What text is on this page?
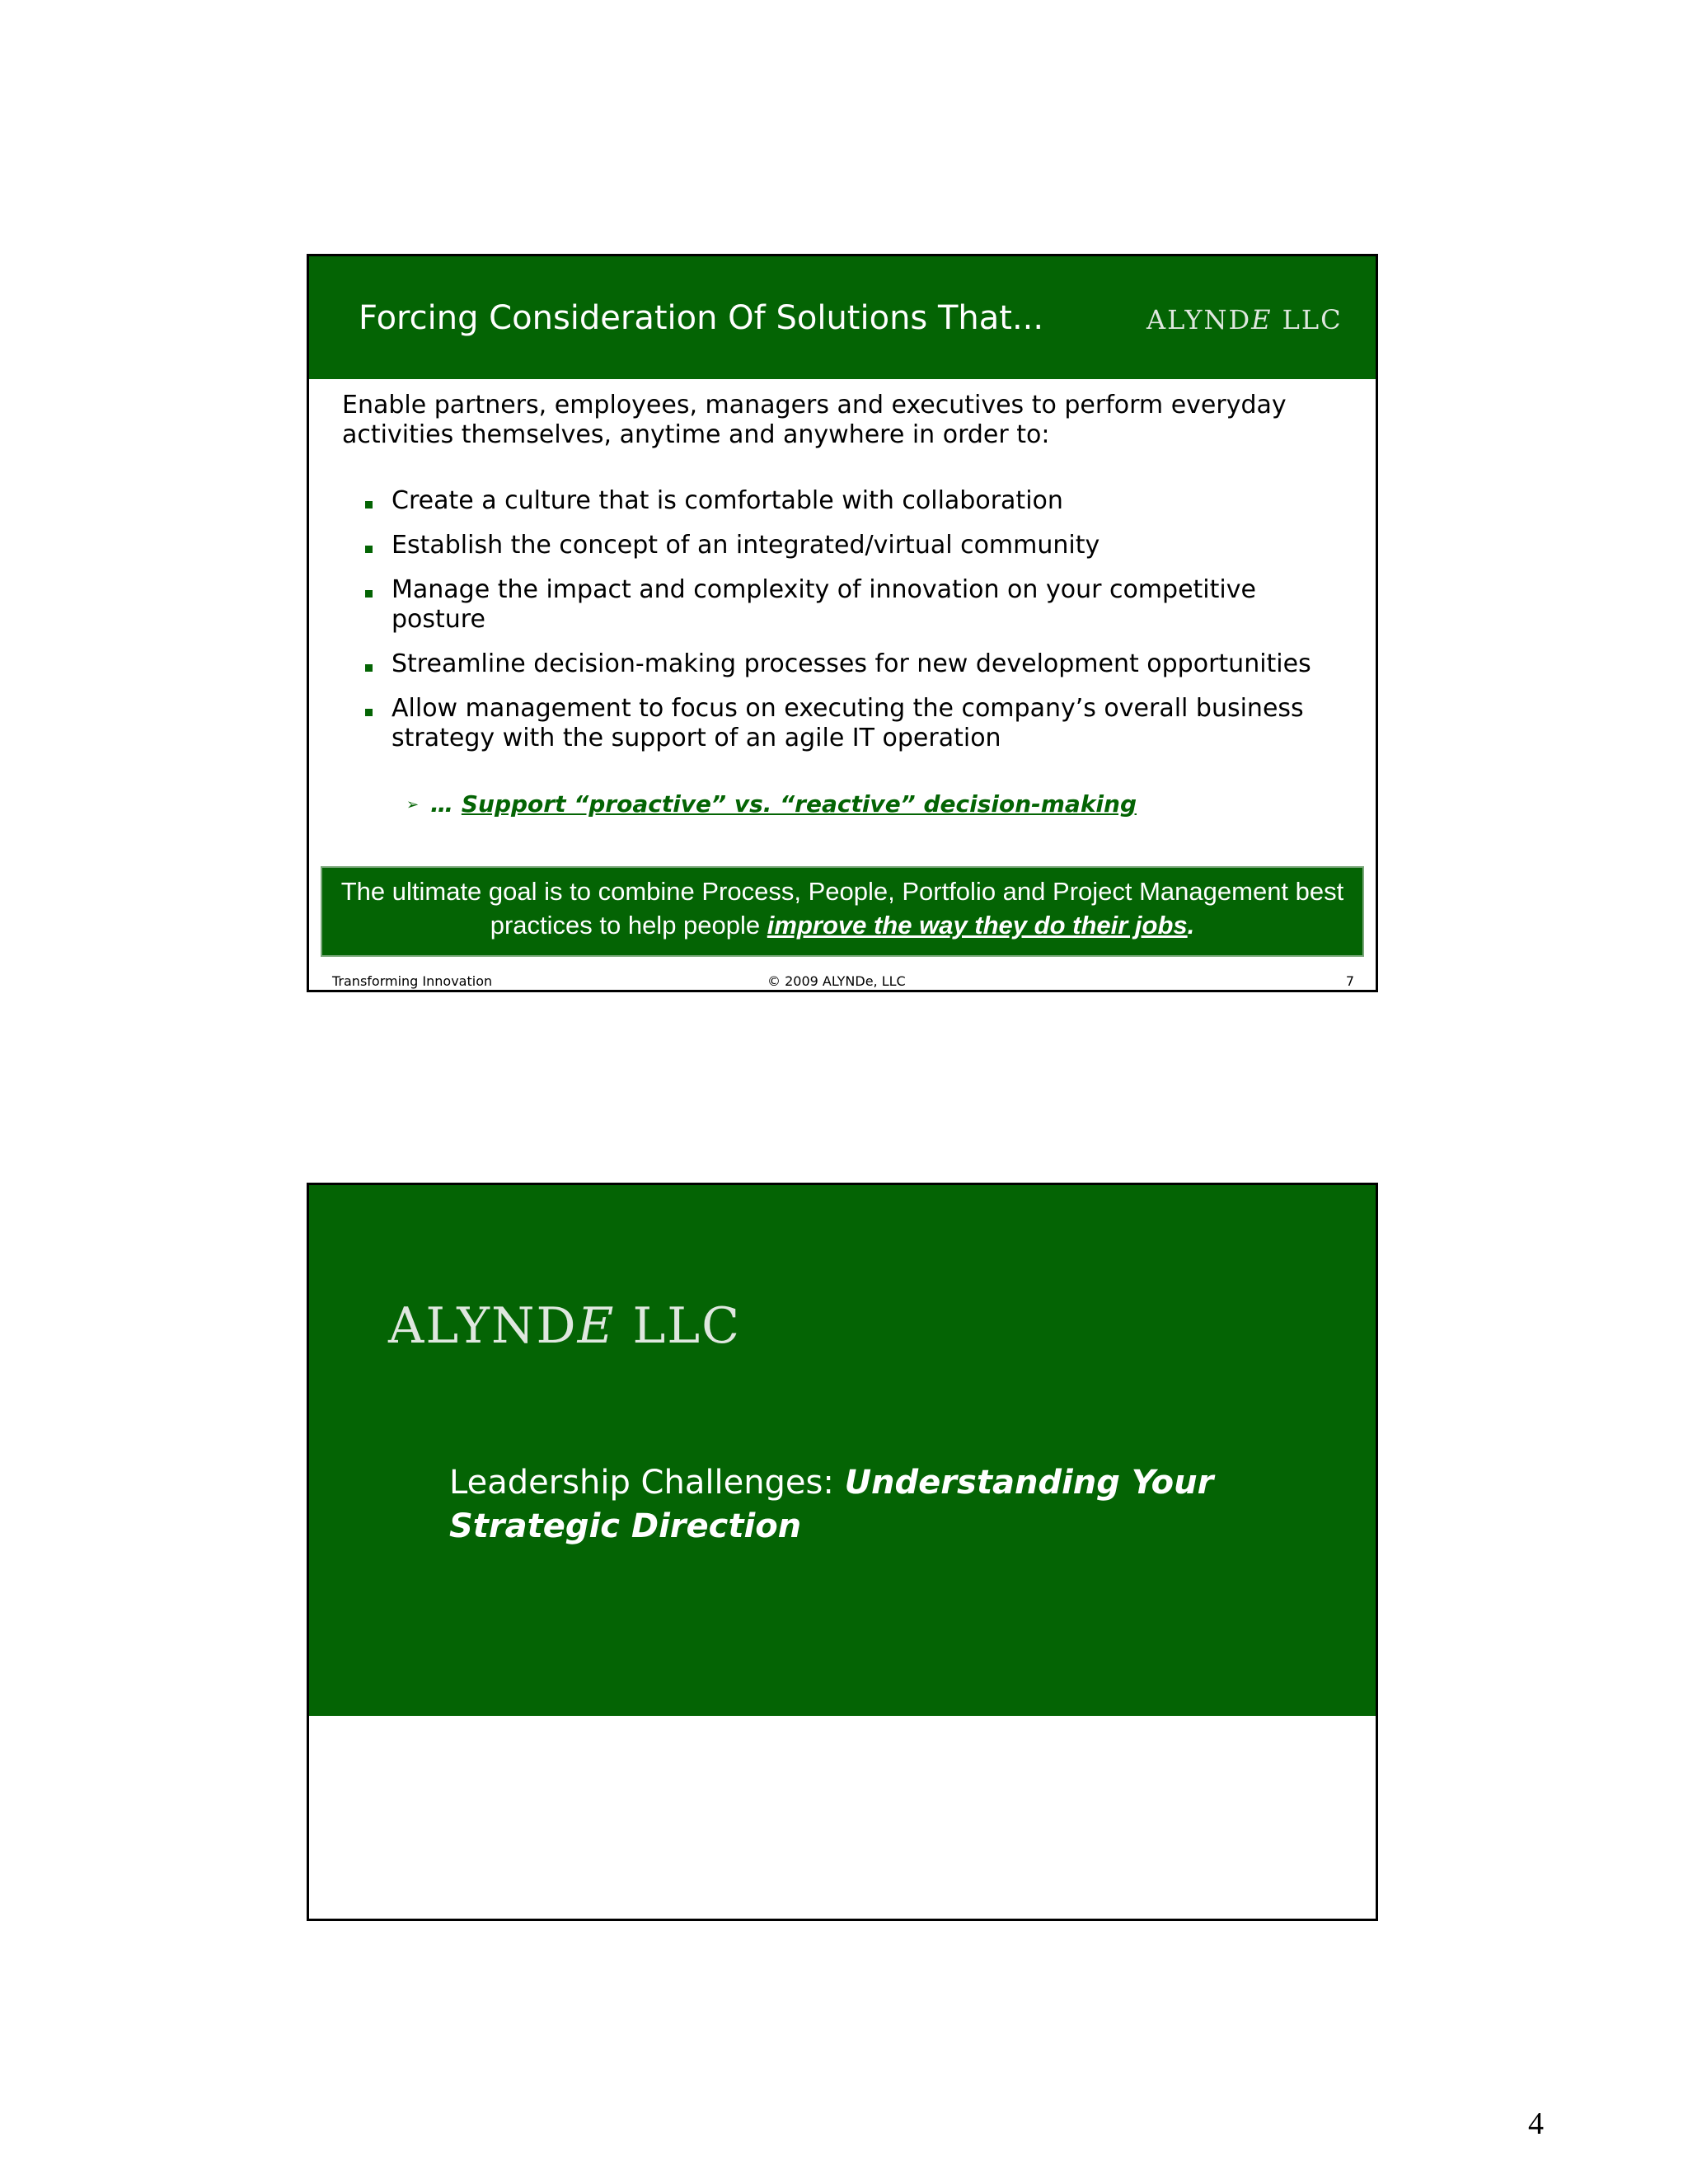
Forcing Consideration Of Solutions That...	ALYNDE LLC
Enable partners, employees, managers and executives to perform everyday activities themselves, anytime and anywhere in order to:
Create a culture that is comfortable with collaboration
Establish the concept of an integrated/virtual community
Manage the impact and complexity of innovation on your competitive posture
Streamline decision-making processes for new development opportunities
Allow management to focus on executing the company’s overall business strategy with the support of an agile IT operation
➢ … Support “proactive” vs. “reactive” decision-making
The ultimate goal is to combine Process, People, Portfolio and Project Management best practices to help people improve the way they do their jobs.
Transforming Innovation	© 2009 ALYNDe, LLC	7
ALYNDE LLC
Leadership Challenges: Understanding Your Strategic Direction
4
